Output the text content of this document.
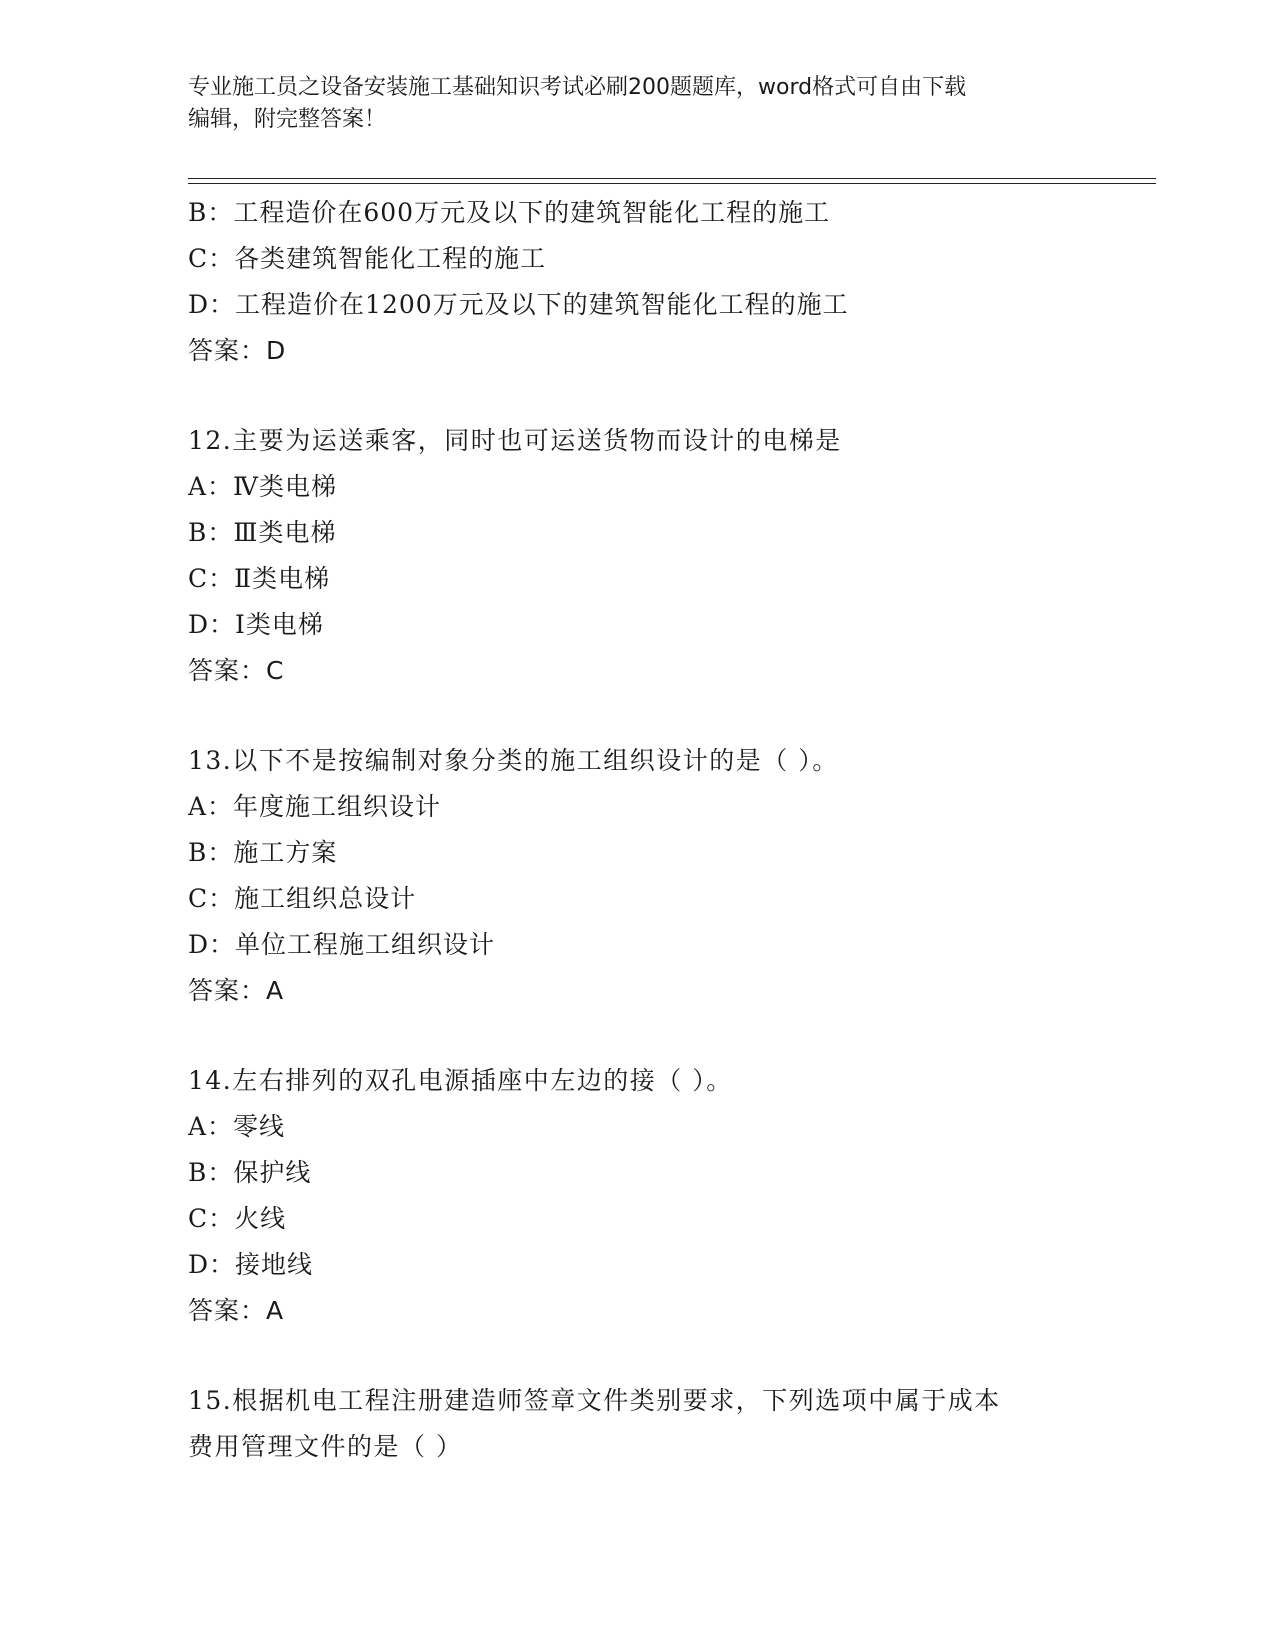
专业施工员之设备安装施工基础知识考试必刷200题题库，word格式可自由下载
编辑，附完整答案！
B：工程造价在600万元及以下的建筑智能化工程的施工
C：各类建筑智能化工程的施工
D：工程造价在1200万元及以下的建筑智能化工程的施工
答案：D
12.主要为运送乘客，同时也可运送货物而设计的电梯是
A：Ⅳ类电梯
B：Ⅲ类电梯
C：Ⅱ类电梯
D：Ⅰ类电梯
答案：C
13.以下不是按编制对象分类的施工组织设计的是（ ）。
A：年度施工组织设计
B：施工方案
C：施工组织总设计
D：单位工程施工组织设计
答案：A
14.左右排列的双孔电源插座中左边的接（ ）。
A：零线
B：保护线
C：火线
D：接地线
答案：A
15.根据机电工程注册建造师签章文件类别要求，下列选项中属于成本
费用管理文件的是（ ）
